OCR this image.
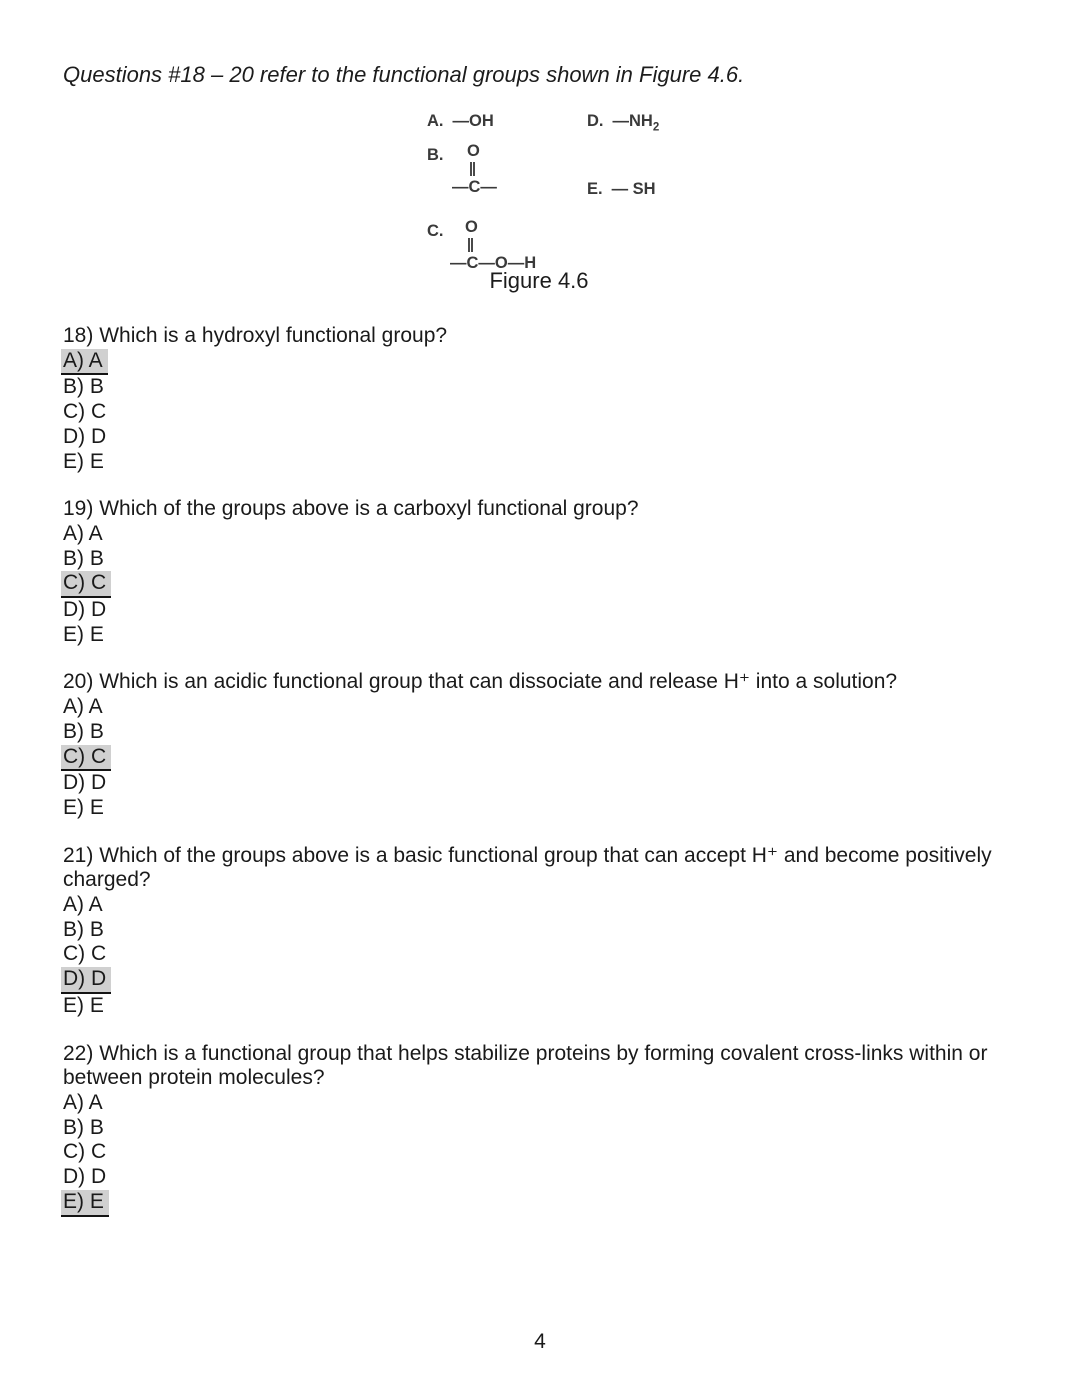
Questions #18 – 20 refer to the functional groups shown in Figure 4.6.

A. —OH
B. O
—C—
C. O
—C—O—H
D. $—NH_2$
E. — SH
Figure 4.6

18) Which is a hydroxyl functional group?

A) A

B) B

C) C

D) D

E) E

19) Which of the groups above is a carboxyl functional group?

A) A

B) B

C) C

D) D

E) E

20) Which is an acidic functional group that can dissociate and release H⁺ into a solution?

A) A

B) B

C) C

D) D

E) E

21) Which of the groups above is a basic functional group that can accept H⁺ and become positively charged?

A) A

B) B

C) C

D) D

E) E

22) Which is a functional group that helps stabilize proteins by forming covalent cross-links within or between protein molecules?

A) A

B) B

C) C

D) D

E) E

4
